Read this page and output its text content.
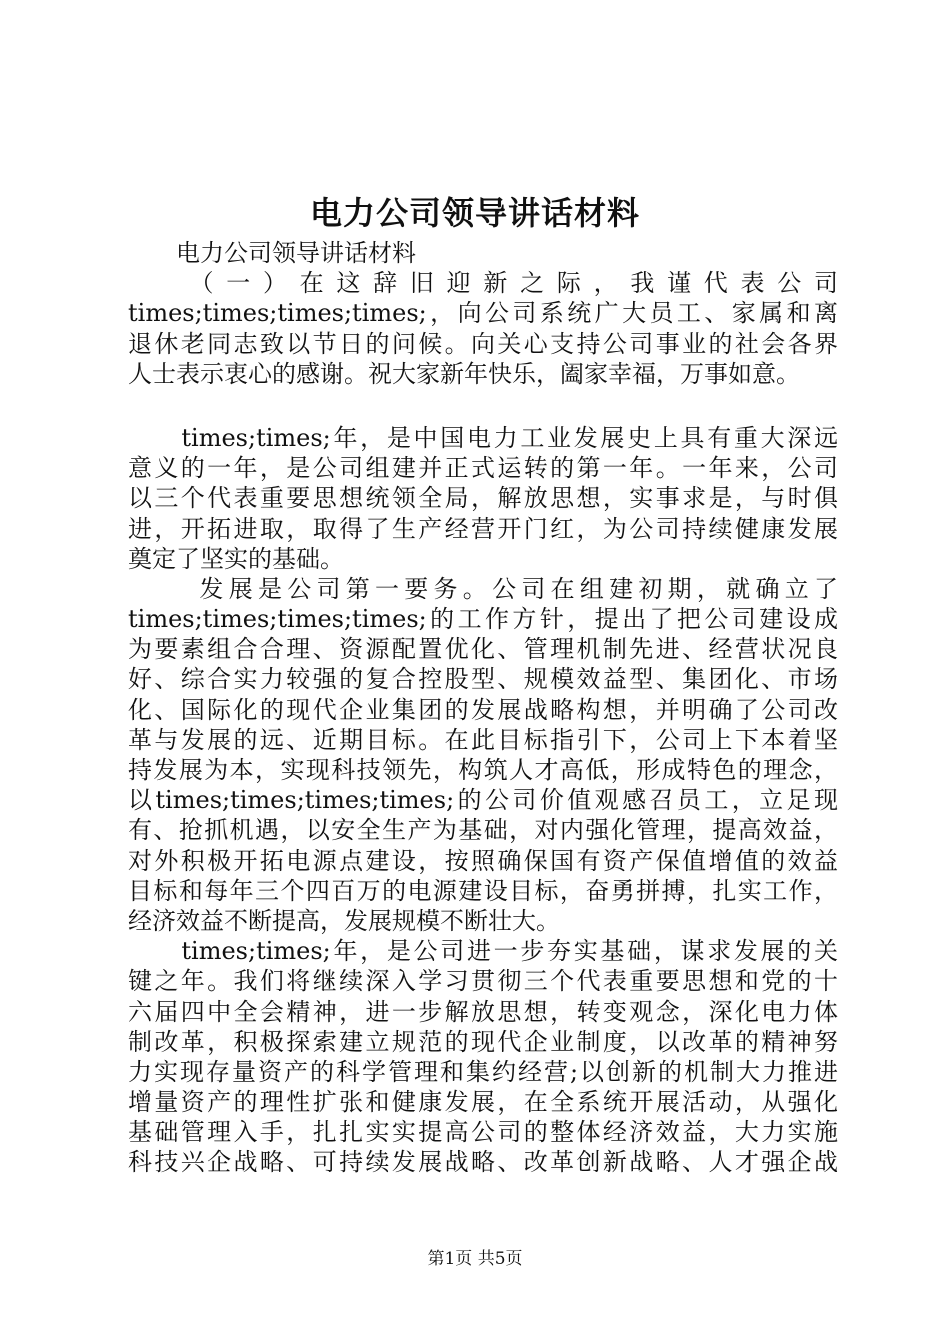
电力公司领导讲话材料
　　电力公司领导讲话材料
　　（一）在这辞旧迎新之际，我谨代表公司
times;times;times;times;，向公司系统广大员工、家属和离
退休老同志致以节日的问候。向关心支持公司事业的社会各界
人士表示衷心的感谢。祝大家新年快乐，阖家幸福，万事如意。
　　times;times;年，是中国电力工业发展史上具有重大深远
意义的一年，是公司组建并正式运转的第一年。一年来，公司
以三个代表重要思想统领全局，解放思想，实事求是，与时俱
进，开拓进取，取得了生产经营开门红，为公司持续健康发展
奠定了坚实的基础。
　　 发展是公司第一要务。公司在组建初期，就确立了
times;times;times;times;的工作方针，提出了把公司建设成
为要素组合合理、资源配置优化、管理机制先进、经营状况良
好、综合实力较强的复合控股型、规模效益型、集团化、市场
化、国际化的现代企业集团的发展战略构想，并明确了公司改
革与发展的远、近期目标。在此目标指引下，公司上下本着坚
持发展为本，实现科技领先，构筑人才高低，形成特色的理念，
以times;times;times;times;的公司价值观感召员工，立足现
有、抢抓机遇，以安全生产为基础，对内强化管理，提高效益，
对外积极开拓电源点建设，按照确保国有资产保值增值的效益
目标和每年三个四百万的电源建设目标，奋勇拼搏，扎实工作，
经济效益不断提高，发展规模不断壮大。
　　times;times;年，是公司进一步夯实基础，谋求发展的关
键之年。我们将继续深入学习贯彻三个代表重要思想和党的十
六届四中全会精神，进一步解放思想，转变观念，深化电力体
制改革，积极探索建立规范的现代企业制度，以改革的精神努
力实现存量资产的科学管理和集约经营;以创新的机制大力推进
增量资产的理性扩张和健康发展，在全系统开展活动，从强化
基础管理入手，扎扎实实提高公司的整体经济效益，大力实施
科技兴企战略、可持续发展战略、改革创新战略、人才强企战
第1页 共5页
